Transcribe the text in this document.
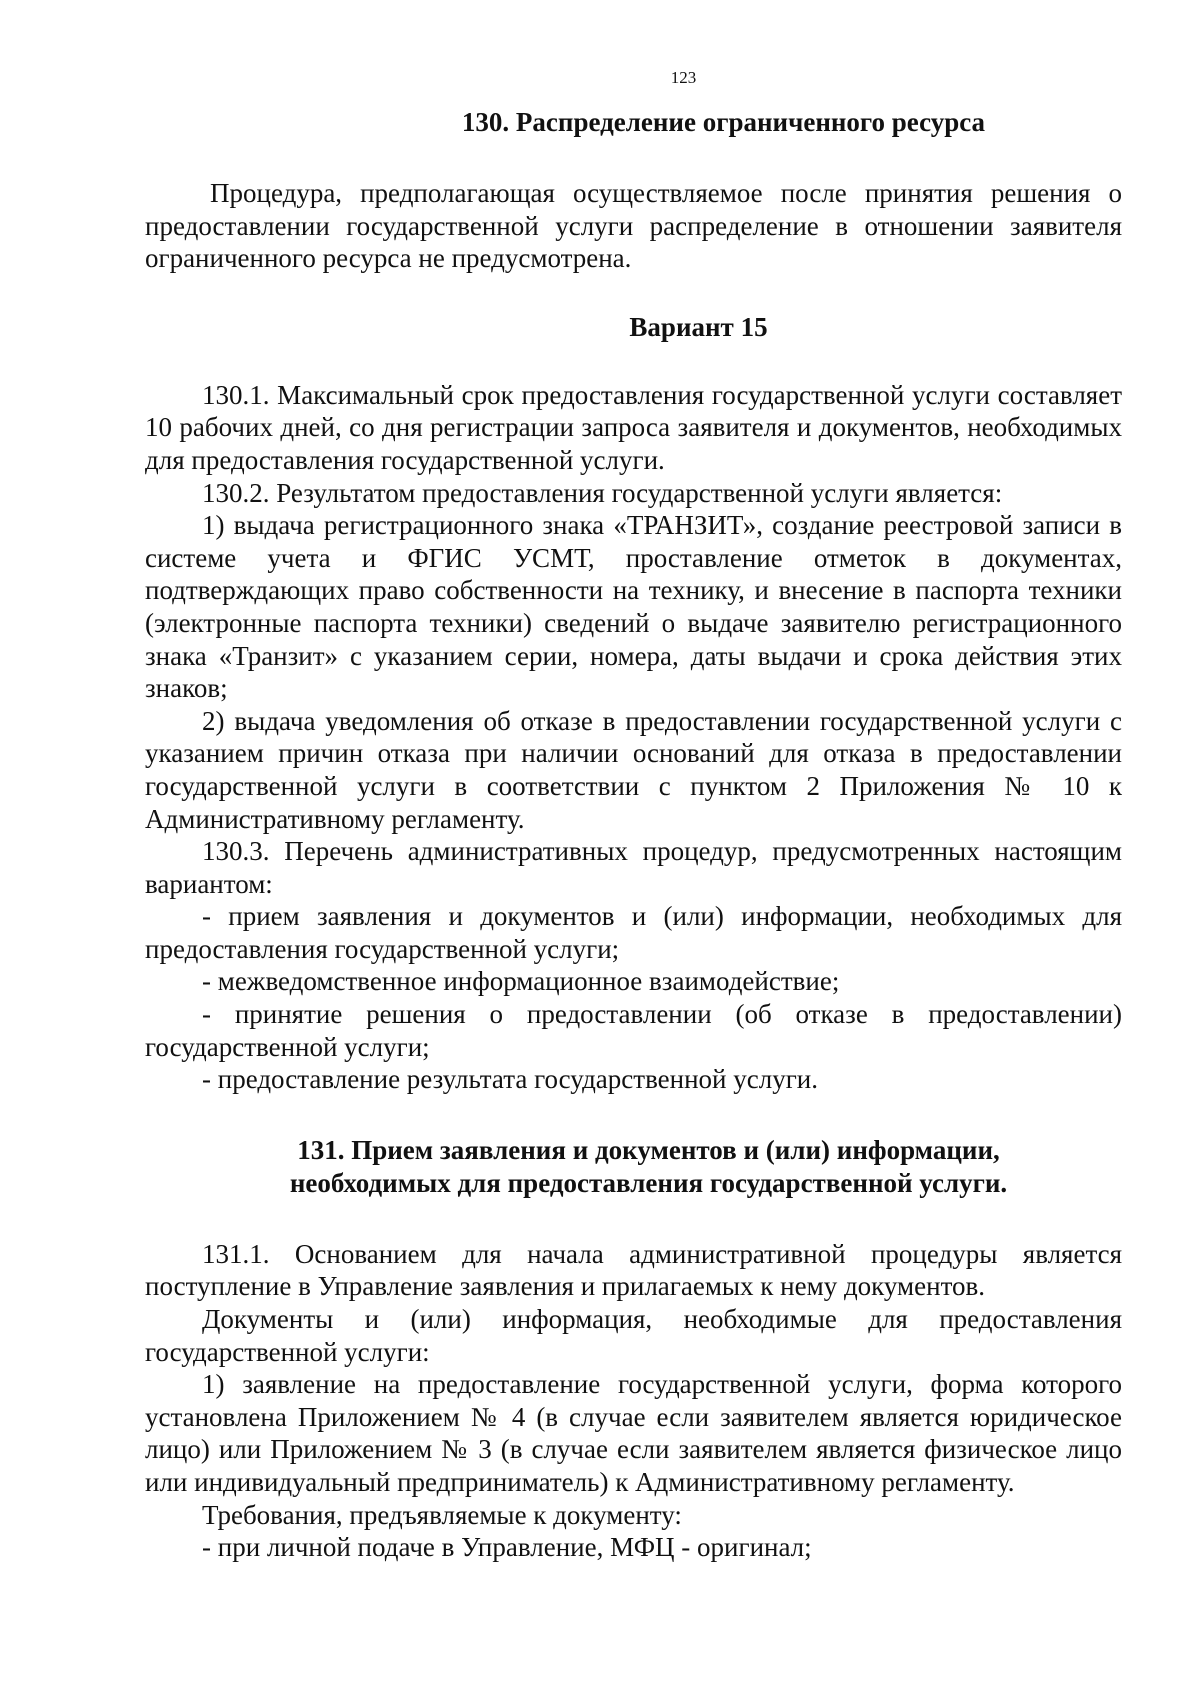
123
130. Распределение ограниченного ресурса

Процедура, предполагающая осуществляемое после принятия решения о предоставлении государственной услуги распределение в отношении заявителя ограниченного ресурса не предусмотрена.

Вариант 15

130.1. Максимальный срок предоставления государственной услуги составляет 10 рабочих дней, со дня регистрации запроса заявителя и документов, необходимых для предоставления государственной услуги.

130.2. Результатом предоставления государственной услуги является:

1) выдача регистрационного знака «ТРАНЗИТ», создание реестровой записи в системе учета и ФГИС УСМТ, проставление отметок в документах, подтверждающих право собственности на технику, и внесение в паспорта техники (электронные паспорта техники) сведений о выдаче заявителю регистрационного знака «Транзит» с указанием серии, номера, даты выдачи и срока действия этих знаков;

2) выдача уведомления об отказе в предоставлении государственной услуги с указанием причин отказа при наличии оснований для отказа в предоставлении государственной услуги в соответствии с пунктом 2 Приложения № 10 к Административному регламенту.

130.3. Перечень административных процедур, предусмотренных настоящим вариантом:

- прием заявления и документов и (или) информации, необходимых для предоставления государственной услуги;

- межведомственное информационное взаимодействие;

- принятие решения о предоставлении (об отказе в предоставлении) государственной услуги;

- предоставление результата государственной услуги.

131. Прием заявления и документов и (или) информации,
необходимых для предоставления государственной услуги.

131.1. Основанием для начала административной процедуры является поступление в Управление заявления и прилагаемых к нему документов.

Документы и (или) информация, необходимые для предоставления государственной услуги:

1) заявление на предоставление государственной услуги, форма которого установлена Приложением № 4 (в случае если заявителем является юридическое лицо) или Приложением № 3 (в случае если заявителем является физическое лицо или индивидуальный предприниматель) к Административному регламенту.

Требования, предъявляемые к документу:

- при личной подаче в Управление, МФЦ - оригинал;
